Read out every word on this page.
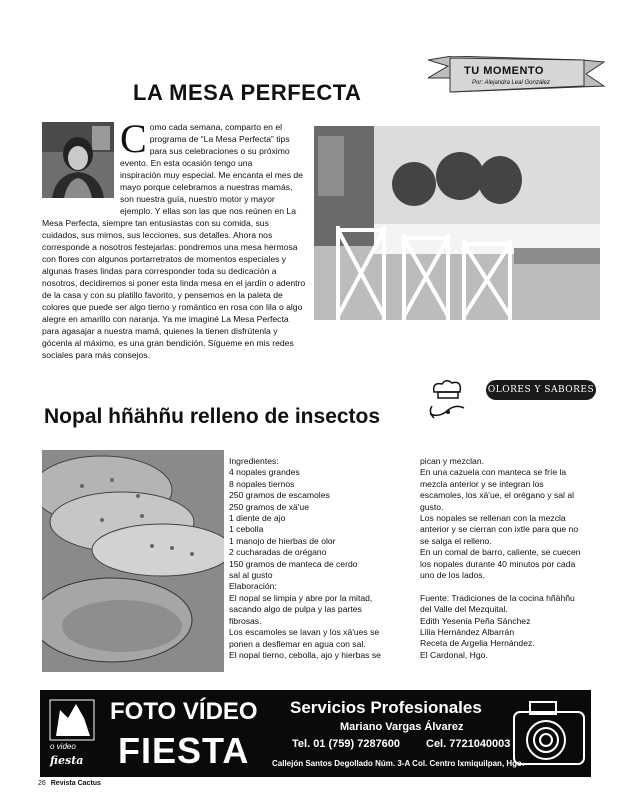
TU MOMENTO
Por: Alejandra Leal González
LA MESA PERFECTA
C omo cada semana, comparto en el
programa de “La Mesa Perfecta” tips
para sus celebraciones o su próximo
evento. En esta ocasión tengo una
inspiración muy especial. Me encanta el mes de
mayo porque celebramos a nuestras mamás,
son nuestra guía, nuestro motor y mayor
ejemplo. Y ellas son las que nos reúnen en La
Mesa Perfecta, siempre tan entusiastas con su comida, sus
cuidados, sus mimos, sus lecciones, sus detalles. Ahora nos
corresponde a nosotros festejarlas: pondremos una mesa hermosa
con flores con algunos portarretratos de momentos especiales y
algunas frases lindas para corresponder toda su dedicación a
nosotros, decidiremos si poner esta linda mesa en el jardín o adentro
de la casa y con su platillo favorito, y pensemos en la paleta de
colores que puede ser algo tierno y romántico en rosa con lila o algo
alegre en amarillo con naranja. Ya me imaginé La Mesa Perfecta
para agasajar a nuestra mamá, quienes la tienen disfrútenla y
gócenla al máximo, es una gran bendición. Sígueme en mis redes
sociales para más consejos.
OLORES Y SABORES
Nopal hñähñu relleno de insectos
Ingredientes:
4 nopales grandes
8 nopales tiernos
250 gramos de escamoles
250 gramos de xä'ue
1 diente de ajo
1 cebolla
1 manojo de hierbas de olor
2 cucharadas de orégano
150 gramos de manteca de cerdo
sal al gusto
Elaboración:
El nopal se limpia y abre por la mitad,
sacando algo de pulpa y las partes
fibrosas.
Los escamoles se lavan y los xä'ues se
ponen a desflemar en agua con sal.
El nopal tierno, cebolla, ajo y hierbas se
pican y mezclan.
En una cazuela con manteca se fríe la
mezcla anterior y se integran los
escamoles, los xä'ue, el orégano y sal al
gusto.
Los nopales se rellenan con la mezcla
anterior y se cierran con ixtle para que no
se salga el relleno.
En un comal de barro, caliente, se cuecen
los nopales durante 40 minutos por cada
uno de los lados.
Fuente: Tradiciones de la cocina hñähñu
del Valle del Mezquital.
Edith Yesenia Peña Sánchez
Lilia Hernández Albarrán
Receta de Argelia Hernández.
El Cardonal, Hgo.
o video
fiesta
FOTO VÍDEO
FIESTA
Servicios Profesionales
Mariano Vargas Álvarez
Tel. 01 (759) 7287600 Cel. 7721040003
Callejón Santos Degollado Núm. 3-A Col. Centro Ixmiquilpan, Hgo.
26 Revista Cactus
